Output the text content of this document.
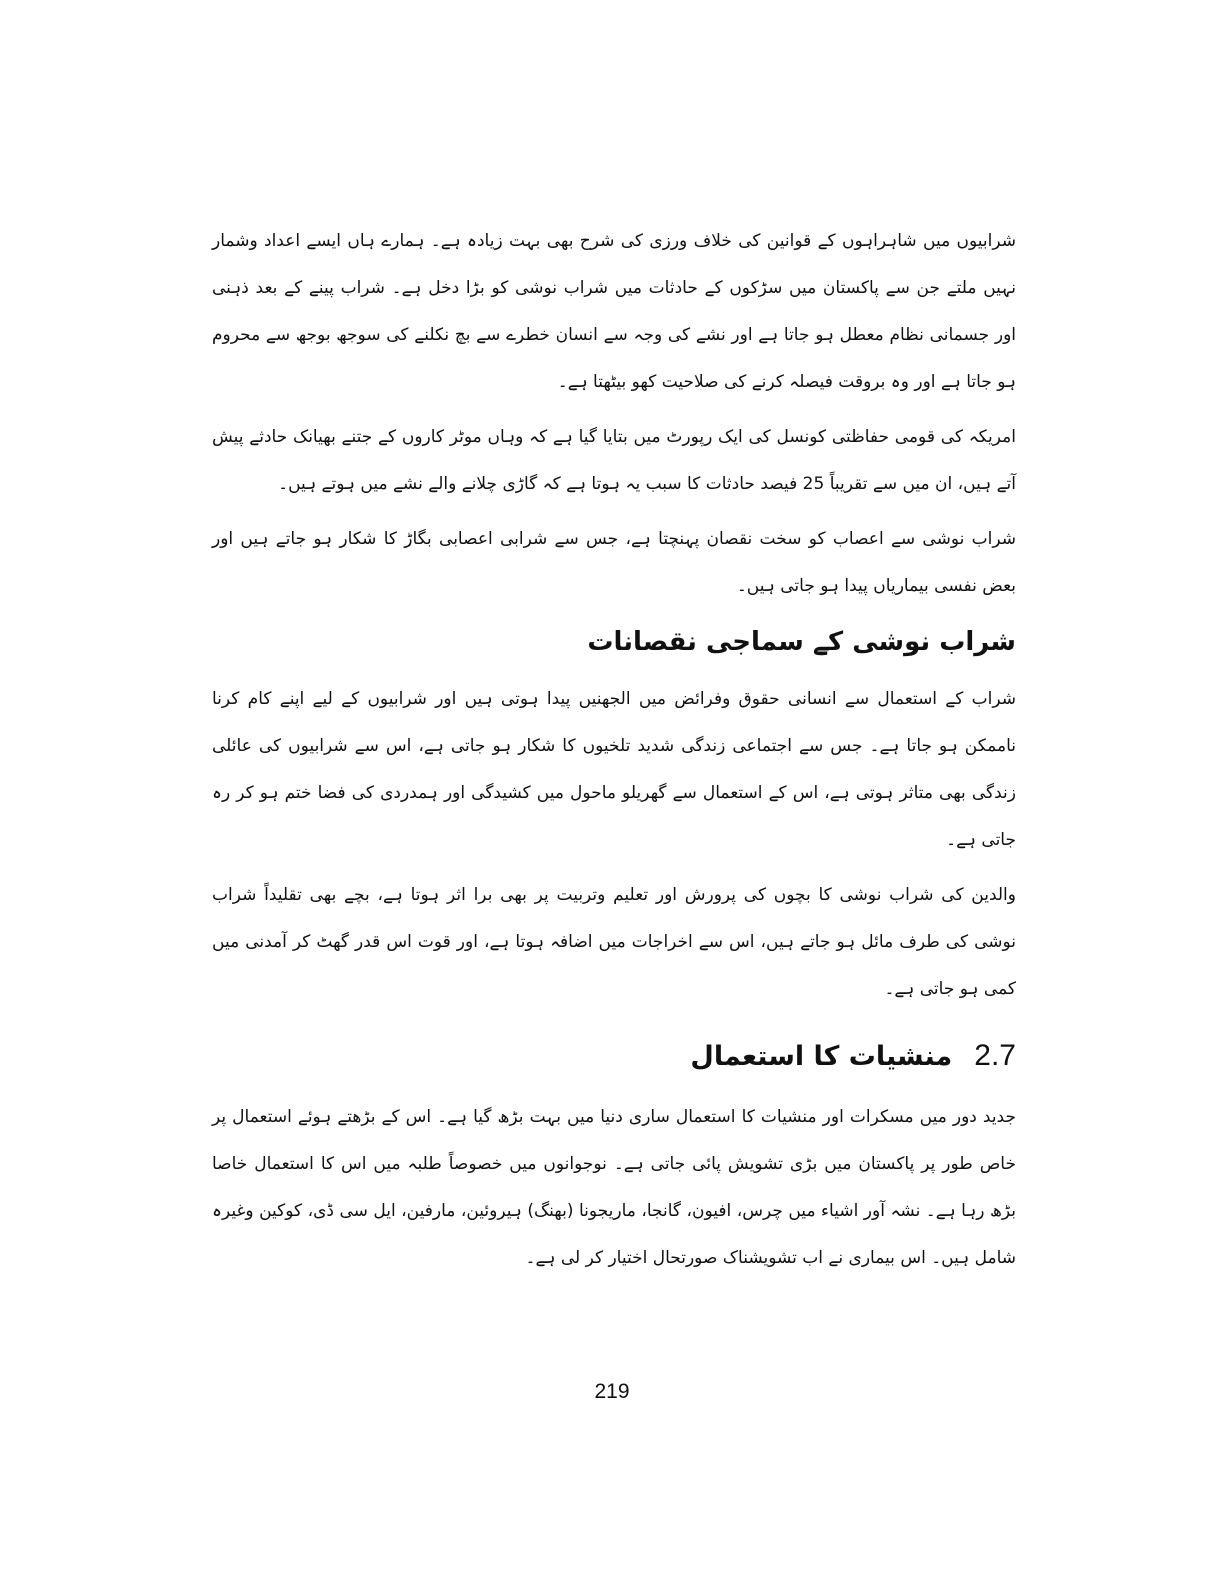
شرابیوں میں شاہراہوں کے قوانین کی خلاف ورزی کی شرح بھی بہت زیادہ ہے۔ ہمارے ہاں ایسے اعداد وشمار نہیں ملتے جن سے پاکستان میں سڑکوں کے حادثات میں شراب نوشی کو بڑا دخل ہے۔ شراب پینے کے بعد ذہنی اور جسمانی نظام معطل ہو جاتا ہے اور نشے کی وجہ سے انسان خطرے سے بچ نکلنے کی سوجھ بوجھ سے محروم ہو جاتا ہے اور وہ بروقت فیصلہ کرنے کی صلاحیت کھو بیٹھتا ہے۔

امریکہ کی قومی حفاظتی کونسل کی ایک رپورٹ میں بتایا گیا ہے کہ وہاں موٹر کاروں کے جتنے بھیانک حادثے پیش آتے ہیں، ان میں سے تقریباً 25 فیصد حادثات کا سبب یہ ہوتا ہے کہ گاڑی چلانے والے نشے میں ہوتے ہیں۔

شراب نوشی سے اعصاب کو سخت نقصان پہنچتا ہے، جس سے شرابی اعصابی بگاڑ کا شکار ہو جاتے ہیں اور بعض نفسی بیماریاں پیدا ہو جاتی ہیں۔

شراب نوشی کے سماجی نقصانات

شراب کے استعمال سے انسانی حقوق وفرائض میں الجھنیں پیدا ہوتی ہیں اور شرابیوں کے لیے اپنے کام کرنا ناممکن ہو جاتا ہے۔ جس سے اجتماعی زندگی شدید تلخیوں کا شکار ہو جاتی ہے، اس سے شرابیوں کی عائلی زندگی بھی متاثر ہوتی ہے، اس کے استعمال سے گھریلو ماحول میں کشیدگی اور ہمدردی کی فضا ختم ہو کر رہ جاتی ہے۔

والدین کی شراب نوشی کا بچوں کی پرورش اور تعلیم وتربیت پر بھی برا اثر ہوتا ہے، بچے بھی تقلیداً شراب نوشی کی طرف مائل ہو جاتے ہیں، اس سے اخراجات میں اضافہ ہوتا ہے، اور قوت اس قدر گھٹ کر آمدنی میں کمی ہو جاتی ہے۔

2.7
منشیات کا استعمال

جدید دور میں مسکرات اور منشیات کا استعمال ساری دنیا میں بہت بڑھ گیا ہے۔ اس کے بڑھتے ہوئے استعمال پر خاص طور پر پاکستان میں بڑی تشویش پائی جاتی ہے۔ نوجوانوں میں خصوصاً طلبہ میں اس کا استعمال خاصا بڑھ رہا ہے۔ نشہ آور اشیاء میں چرس، افیون، گانجا، ماریجونا (بھنگ) ہیروئین، مارفین، ایل سی ڈی، کوکین وغیرہ شامل ہیں۔ اس بیماری نے اب تشویشناک صورتحال اختیار کر لی ہے۔

219
